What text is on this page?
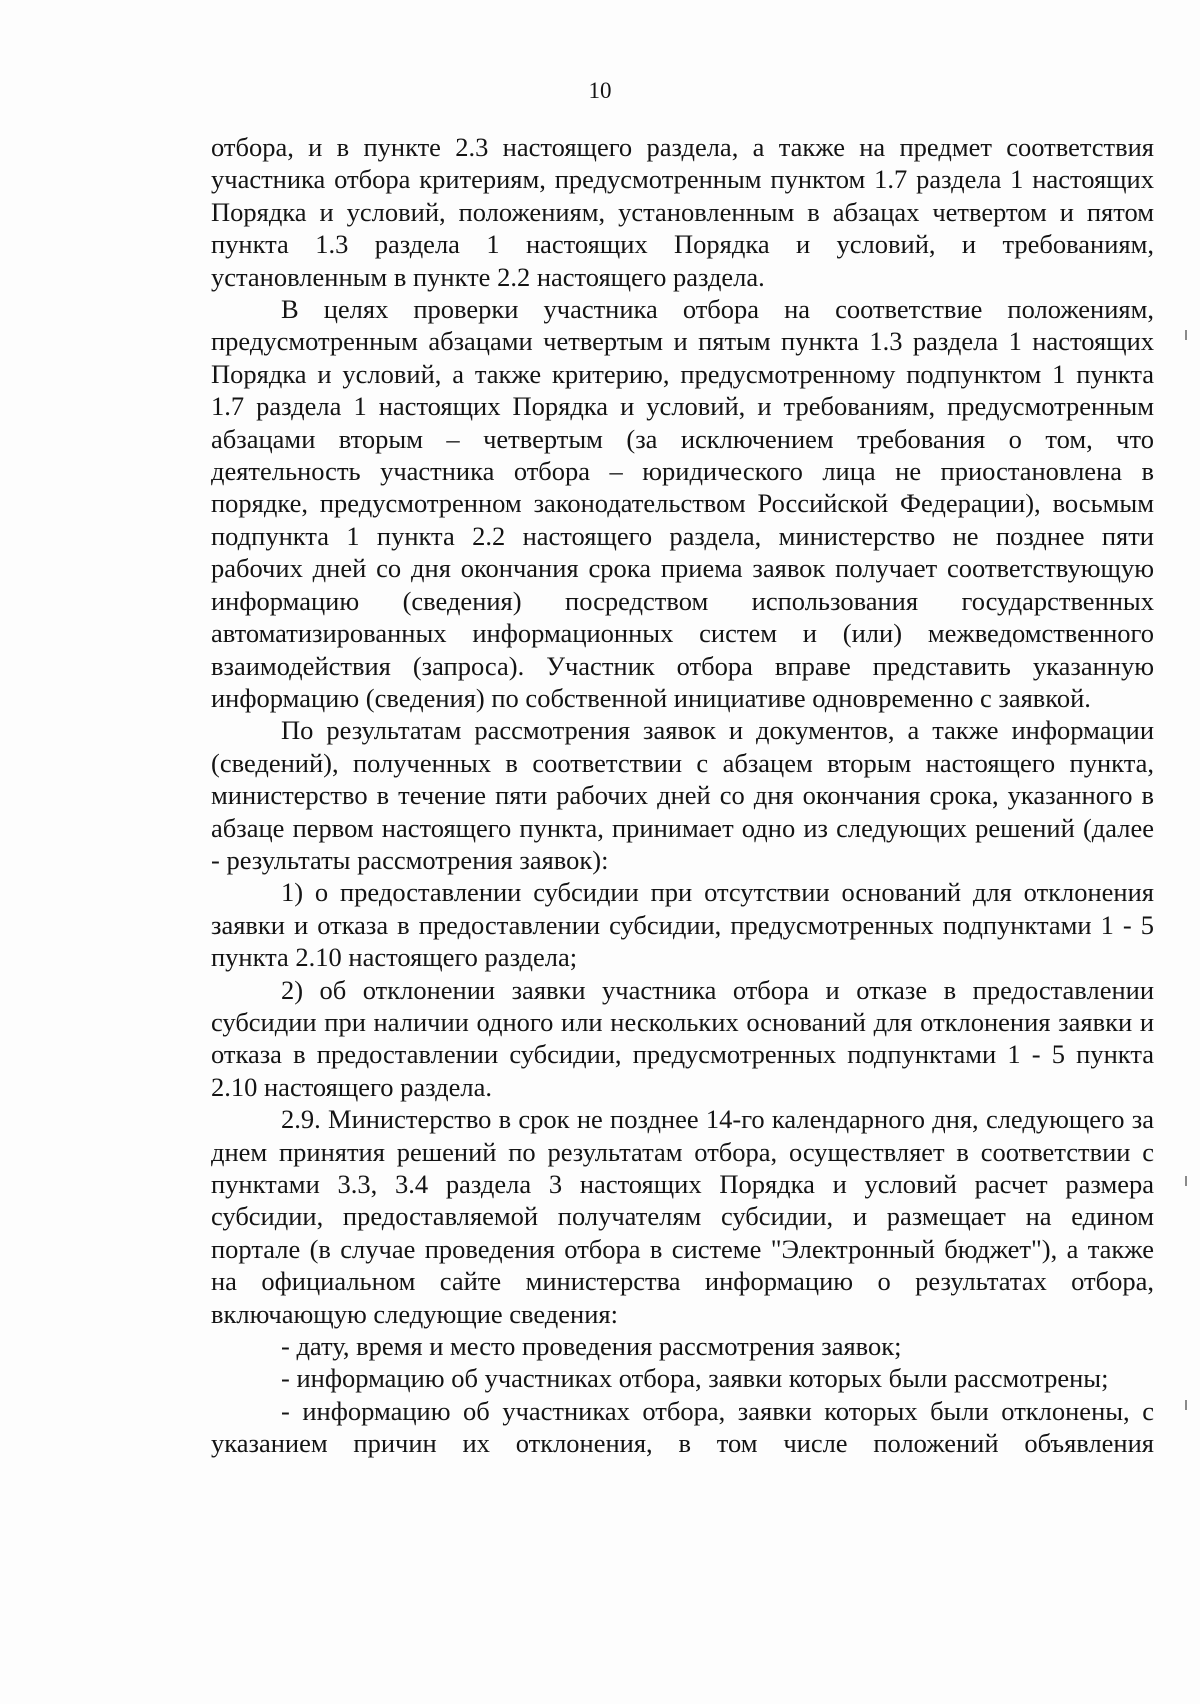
10

отбора, и в пункте 2.3 настоящего раздела, а также на предмет соответствия участника отбора критериям, предусмотренным пунктом 1.7 раздела 1 настоящих Порядка и условий, положениям, установленным в абзацах четвертом и пятом пункта 1.3 раздела 1 настоящих Порядка и условий, и требованиям, установленным в пункте 2.2 настоящего раздела.

В целях проверки участника отбора на соответствие положениям, предусмотренным абзацами четвертым и пятым пункта 1.3 раздела 1 настоящих Порядка и условий, а также критерию, предусмотренному подпунктом 1 пункта 1.7 раздела 1 настоящих Порядка и условий, и требованиям, предусмотренным абзацами вторым – четвертым (за исключением требования о том, что деятельность участника отбора – юридического лица не приостановлена в порядке, предусмотренном законодательством Российской Федерации), восьмым подпункта 1 пункта 2.2 настоящего раздела, министерство не позднее пяти рабочих дней со дня окончания срока приема заявок получает соответствующую информацию (сведения) посредством использования государственных автоматизированных информационных систем и (или) межведомственного взаимодействия (запроса). Участник отбора вправе представить указанную информацию (сведения) по собственной инициативе одновременно с заявкой.

По результатам рассмотрения заявок и документов, а также информации (сведений), полученных в соответствии с абзацем вторым настоящего пункта, министерство в течение пяти рабочих дней со дня окончания срока, указанного в абзаце первом настоящего пункта, принимает одно из следующих решений (далее - результаты рассмотрения заявок):

1) о предоставлении субсидии при отсутствии оснований для отклонения заявки и отказа в предоставлении субсидии, предусмотренных подпунктами 1 - 5 пункта 2.10 настоящего раздела;

2) об отклонении заявки участника отбора и отказе в предоставлении субсидии при наличии одного или нескольких оснований для отклонения заявки и отказа в предоставлении субсидии, предусмотренных подпунктами 1 - 5 пункта 2.10 настоящего раздела.

2.9. Министерство в срок не позднее 14-го календарного дня, следующего за днем принятия решений по результатам отбора, осуществляет в соответствии с пунктами 3.3, 3.4 раздела 3 настоящих Порядка и условий расчет размера субсидии, предоставляемой получателям субсидии, и размещает на едином портале (в случае проведения отбора в системе "Электронный бюджет"), а также на официальном сайте министерства информацию о результатах отбора, включающую следующие сведения:

- дату, время и место проведения рассмотрения заявок;

- информацию об участниках отбора, заявки которых были рассмотрены;

- информацию об участниках отбора, заявки которых были отклонены, с указанием причин их отклонения, в том числе положений объявления
